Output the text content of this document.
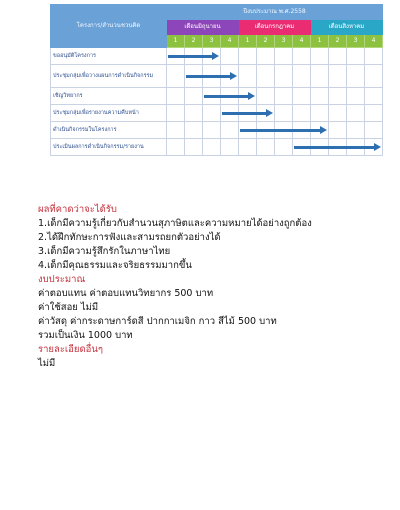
โครงการ/สำนวนชวนคิด	ปีงบประมาณ พ.ศ.2558											
	เดือนมิถุนายน				เดือนกรกฎาคม				เดือนสิงหาคม			
	1	2	3	4	1	2	3	4	1	2	3	4
ขออนุมัติโครงการ	

ประชุมกลุ่มเพื่อวางแผนการดำเนินกิจกรรม		

เชิญวิทยากร			

ประชุมกลุ่มเพื่อรายงานความคืบหน้า				

ดำเนินกิจกรรมในโครงการ					

ประเมินผลการดำเนินกิจกรรม/รายงาน								

ผลที่คาดว่าจะได้รับ
1.เด็กมีความรู้เกี่ยวกับสำนวนสุภาษิตและความหมายได้อย่างถูกต้อง
2.ได้ฝึกทักษะการฟังและสามรถยกตัวอย่างได้
3.เด็กมีความรู้สึกรักในภาษาไทย
4.เด็กมีคุณธรรมและจริยธรรมมากขึ้น
งบประมาณ
ค่าตอบแทน ค่าตอบแทนวิทยากร 500 บาท
ค่าใช้สอย ไม่มี
ค่าวัสดุ ค่ากระดาษการ์ดสี ปากกาเมจิก กาว สีไม้ 500 บาท
รวมเป็นเงิน 1000 บาท
รายละเอียดอื่นๆ
ไม่มี
